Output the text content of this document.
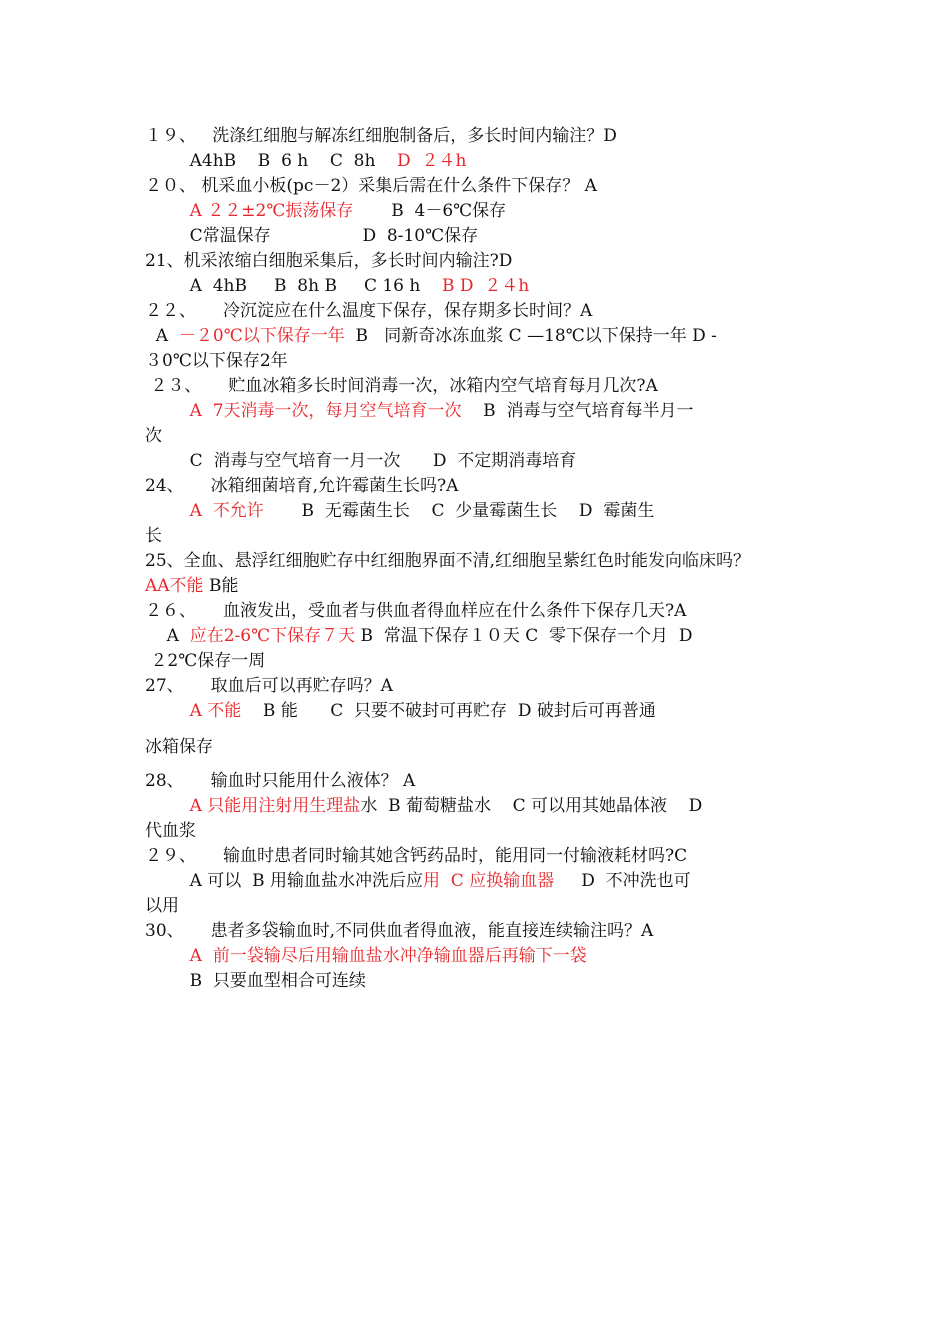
１９、   洗涤红细胞与解冻红细胞制备后，多长时间内输注？D
A4hB    B  6 h    C  8h    D  ２４h
２０、 机采血小板(pc－2）采集后需在什么条件下保存？ A
A ２２±2℃振荡保存       B  4－6℃保存
C常温保存                 D  8-10℃保存
21、机采浓缩白细胞采集后，多长时间内输注?D
A  4hB     B  8h B     C 16 h    B D  ２４h
２２、     冷沉淀应在什么温度下保存，保存期多长时间？A
A  －２0℃以下保存一年  B   同新奇冰冻血浆 C —18℃以下保持一年 D -
３0℃以下保存2年
２３、     贮血冰箱多长时间消毒一次，冰箱内空气培育每月几次?A
A  7天消毒一次，每月空气培育一次    B  消毒与空气培育每半月一
次
C  消毒与空气培育一月一次      D  不定期消毒培育
24、     冰箱细菌培育,允许霉菌生长吗?A
A  不允许       B  无霉菌生长    C  少量霉菌生长    D  霉菌生
长
25、全血、悬浮红细胞贮存中红细胞界面不清,红细胞呈紫红色时能发向临床吗？
AA不能 B能
２６、     血液发出，受血者与供血者得血样应在什么条件下保存几天?A
A  应在2-6℃下保存７天 B  常温下保存１０天 C  零下保存一个月  D
２2℃保存一周
27、     取血后可以再贮存吗？A
A 不能    B 能      C  只要不破封可再贮存  D 破封后可再普通
冰箱保存
28、     输血时只能用什么液体？ A
A 只能用注射用生理盐水  B 葡萄糖盐水    C 可以用其她晶体液    D
代血浆
２９、     输血时患者同时输其她含钙药品时，能用同一付输液耗材吗?C
A 可以  B 用输血盐水冲洗后应用  C 应换输血器     D  不冲洗也可
以用
30、     患者多袋输血时,不同供血者得血液，能直接连续输注吗？A
A  前一袋输尽后用输血盐水冲净输血器后再输下一袋
B  只要血型相合可连续
